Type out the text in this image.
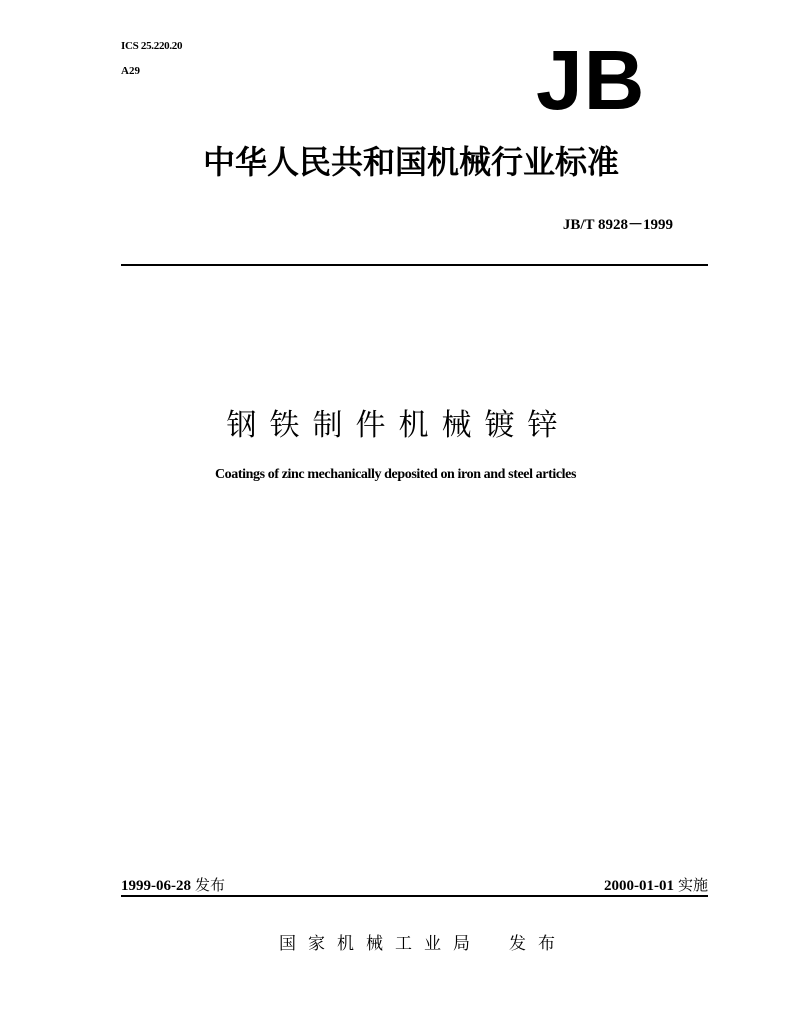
ICS 25.220.20
A29	JB
中华人民共和国机械行业标准
JB/T 8928－1999
钢铁制件机械镀锌
Coatings of zinc mechanically deposited on iron and steel articles
1999-06-28 发布	2000-01-01 实施
国家机械工业局 发布
